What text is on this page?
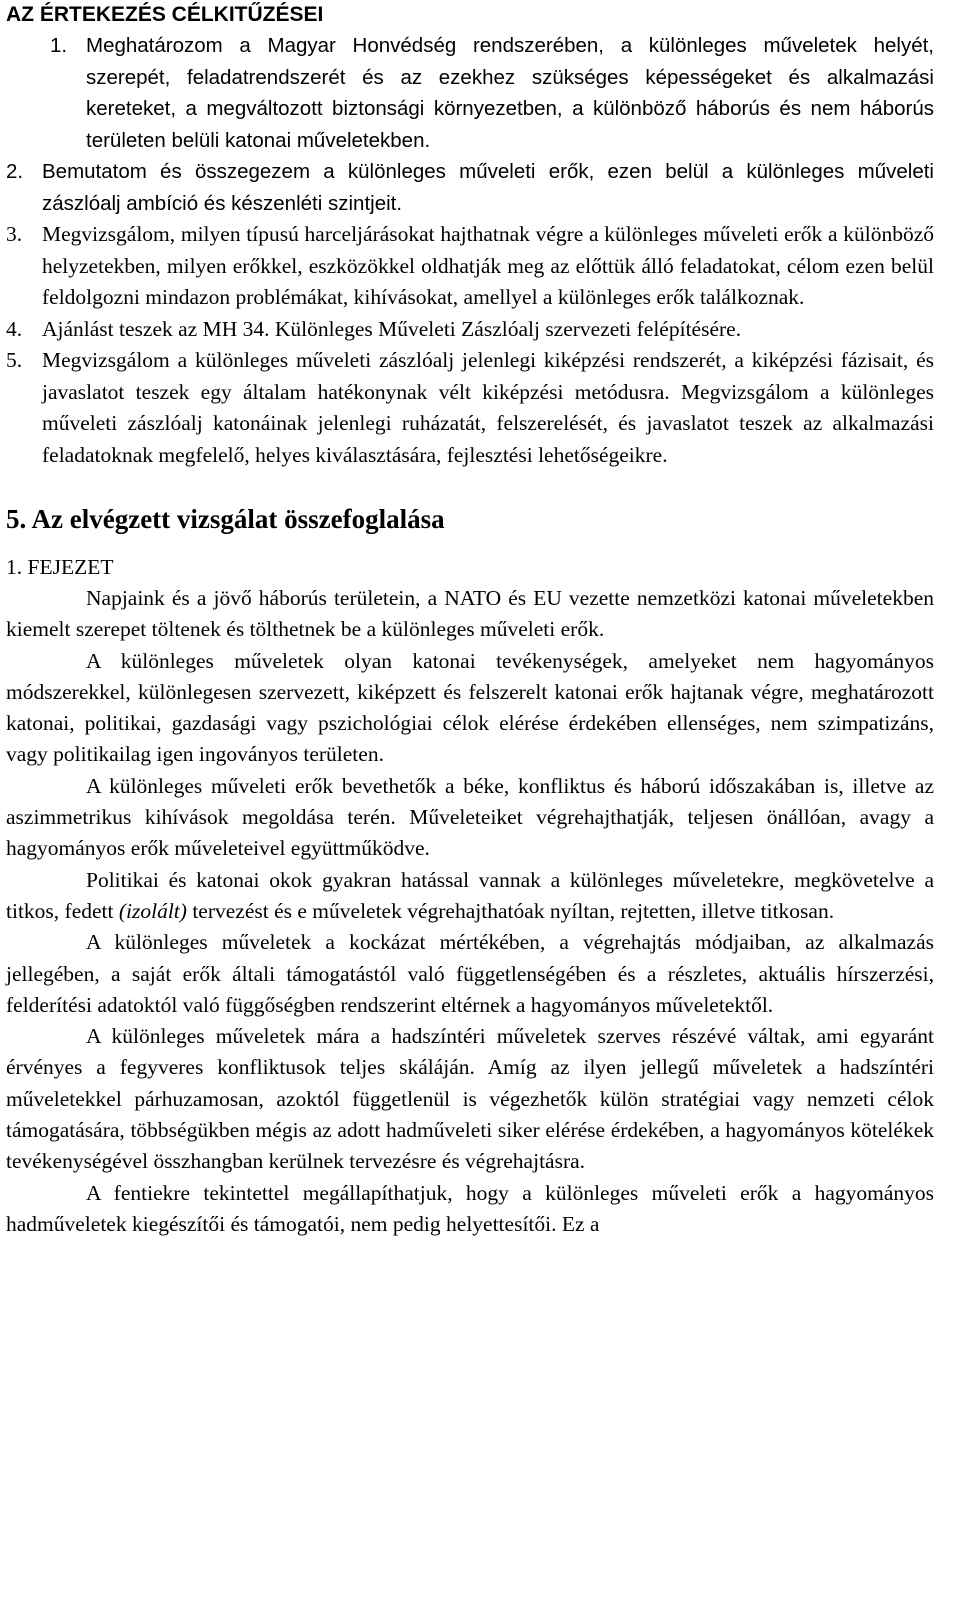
AZ ÉRTEKEZÉS CÉLKITŰZÉSEI
1. Meghatározom a Magyar Honvédség rendszerében, a különleges műveletek helyét, szerepét, feladatrendszerét és az ezekhez szükséges képességeket és alkalmazási kereteket, a megváltozott biztonsági környezetben, a különböző háborús és nem háborús területen belüli katonai műveletekben.
2. Bemutatom és összegezem a különleges műveleti erők, ezen belül a különleges műveleti zászlóalj ambíció és készenléti szintjeit.
3. Megvizsgálom, milyen típusú harceljárásokat hajthatnak végre a különleges műveleti erők a különböző helyzetekben, milyen erőkkel, eszközökkel oldhatják meg az előttük álló feladatokat, célom ezen belül feldolgozni mindazon problémákat, kihívásokat, amellyel a különleges erők találkoznak.
4. Ajánlást teszek az MH 34. Különleges Műveleti Zászlóalj szervezeti felépítésére.
5. Megvizsgálom a különleges műveleti zászlóalj jelenlegi kiképzési rendszerét, a kiképzési fázisait, és javaslatot teszek egy általam hatékonynak vélt kiképzési metódusra. Megvizsgálom a különleges műveleti zászlóalj katonáinak jelenlegi ruházatát, felszerelését, és javaslatot teszek az alkalmazási feladatoknak megfelelő, helyes kiválasztására, fejlesztési lehetőségeikre.
5. Az elvégzett vizsgálat összefoglalása

1. FEJEZET

Napjaink és a jövő háborús területein, a NATO és EU vezette nemzetközi katonai műveletekben kiemelt szerepet töltenek és tölthetnek be a különleges műveleti erők.

A különleges műveletek olyan katonai tevékenységek, amelyeket nem hagyományos módszerekkel, különlegesen szervezett, kiképzett és felszerelt katonai erők hajtanak végre, meghatározott katonai, politikai, gazdasági vagy pszichológiai célok elérése érdekében ellenséges, nem szimpatizáns, vagy politikailag igen ingoványos területen.

A különleges műveleti erők bevethetők a béke, konfliktus és háború időszakában is, illetve az aszimmetrikus kihívások megoldása terén. Műveleteiket végrehajthatják, teljesen önállóan, avagy a hagyományos erők műveleteivel együttműködve.

Politikai és katonai okok gyakran hatással vannak a különleges műveletekre, megkövetelve a titkos, fedett (izolált) tervezést és e műveletek végrehajthatóak nyíltan, rejtetten, illetve titkosan.

A különleges műveletek a kockázat mértékében, a végrehajtás módjaiban, az alkalmazás jellegében, a saját erők általi támogatástól való függetlenségében és a részletes, aktuális hírszerzési, felderítési adatoktól való függőségben rendszerint eltérnek a hagyományos műveletektől.

A különleges műveletek mára a hadszíntéri műveletek szerves részévé váltak, ami egyaránt érvényes a fegyveres konfliktusok teljes skáláján. Amíg az ilyen jellegű műveletek a hadszíntéri műveletekkel párhuzamosan, azoktól függetlenül is végezhetők külön stratégiai vagy nemzeti célok támogatására, többségükben mégis az adott hadműveleti siker elérése érdekében, a hagyományos kötelékek tevékenységével összhangban kerülnek tervezésre és végrehajtásra.

A fentiekre tekintettel megállapíthatjuk, hogy a különleges műveleti erők a hagyományos hadműveletek kiegészítői és támogatói, nem pedig helyettesítői. Ez a
